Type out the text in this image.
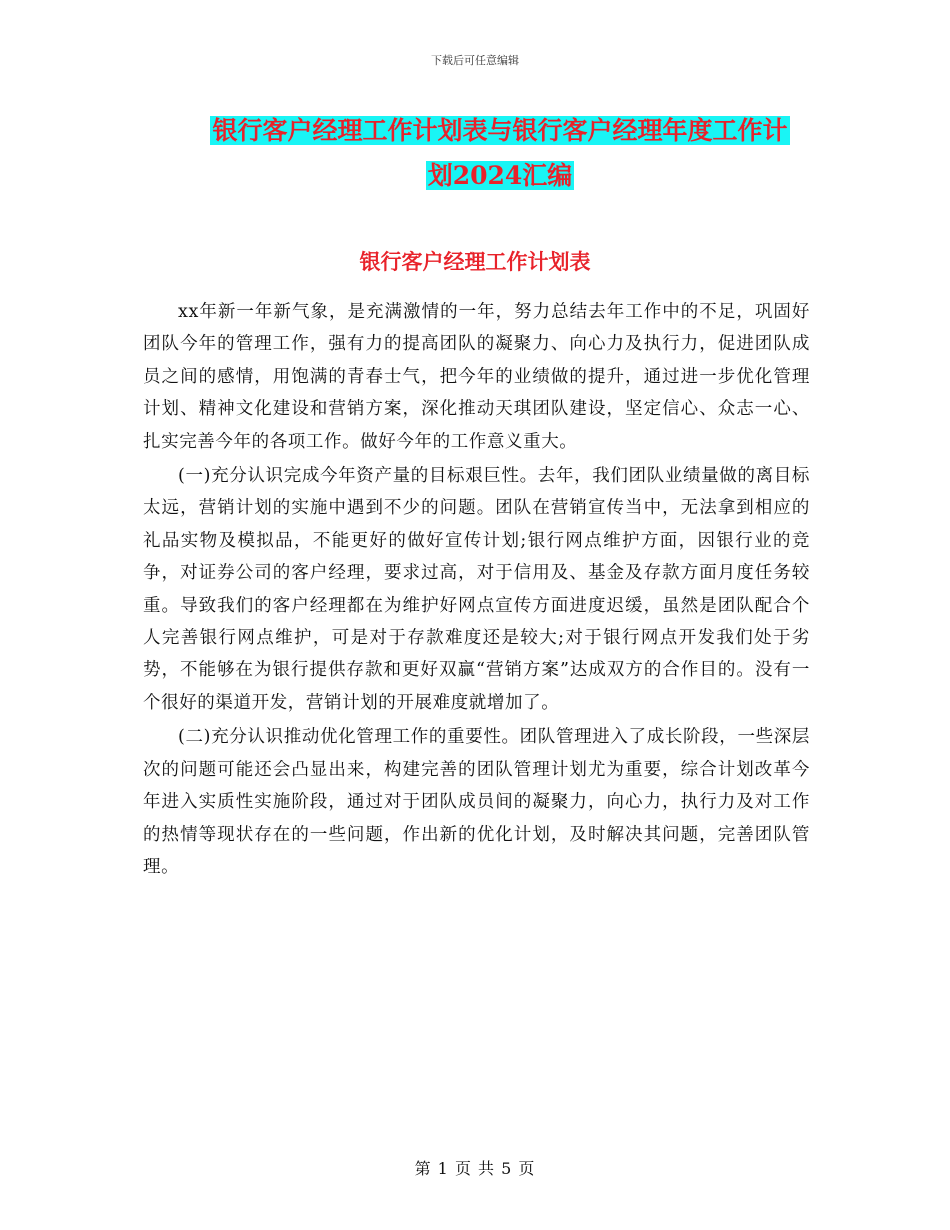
下载后可任意编辑
银行客户经理工作计划表与银行客户经理年度工作计
划2024汇编
银行客户经理工作计划表

xx年新一年新气象，是充满激情的一年，努力总结去年工作中的不足，巩固好团队今年的管理工作，强有力的提高团队的凝聚力、向心力及执行力，促进团队成员之间的感情，用饱满的青春士气，把今年的业绩做的提升，通过进一步优化管理计划、精神文化建设和营销方案，深化推动天琪团队建设，坚定信心、众志一心、扎实完善今年的各项工作。做好今年的工作意义重大。

(一)充分认识完成今年资产量的目标艰巨性。去年，我们团队业绩量做的离目标太远，营销计划的实施中遇到不少的问题。团队在营销宣传当中，无法拿到相应的礼品实物及模拟品，不能更好的做好宣传计划;银行网点维护方面，因银行业的竞争，对证券公司的客户经理，要求过高，对于信用及、基金及存款方面月度任务较重。导致我们的客户经理都在为维护好网点宣传方面进度迟缓，虽然是团队配合个人完善银行网点维护，可是对于存款难度还是较大;对于银行网点开发我们处于劣势，不能够在为银行提供存款和更好双赢“营销方案”达成双方的合作目的。没有一个很好的渠道开发，营销计划的开展难度就增加了。

(二)充分认识推动优化管理工作的重要性。团队管理进入了成长阶段，一些深层次的问题可能还会凸显出来，构建完善的团队管理计划尤为重要，综合计划改革今年进入实质性实施阶段，通过对于团队成员间的凝聚力，向心力，执行力及对工作的热情等现状存在的一些问题，作出新的优化计划，及时解决其问题，完善团队管理。

第 1 页 共 5 页
